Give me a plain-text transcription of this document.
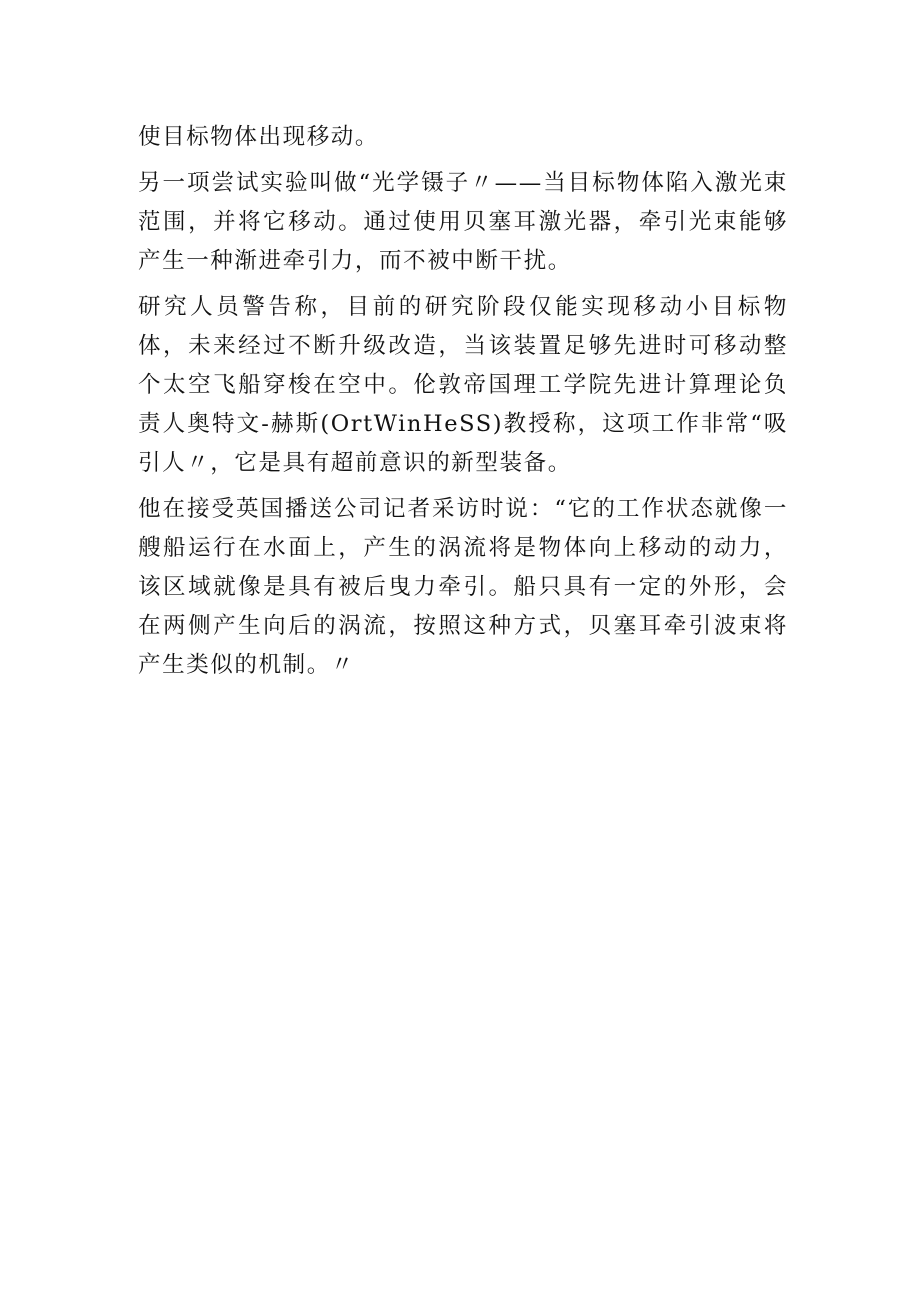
使目标物体出现移动。

另一项尝试实验叫做“光学镊子〃——当目标物体陷入激光束范围，并将它移动。通过使用贝塞耳激光器，牵引光束能够产生一种渐进牵引力，而不被中断干扰。

研究人员警告称，目前的研究阶段仅能实现移动小目标物体，未来经过不断升级改造，当该装置足够先进时可移动整个太空飞船穿梭在空中。伦敦帝国理工学院先进计算理论负责人奥特文-赫斯(OrtWinHeSS)教授称，这项工作非常“吸引人〃，它是具有超前意识的新型装备。

他在接受英国播送公司记者采访时说：“它的工作状态就像一艘船运行在水面上，产生的涡流将是物体向上移动的动力，该区域就像是具有被后曳力牵引。船只具有一定的外形，会在两侧产生向后的涡流，按照这种方式，贝塞耳牵引波束将产生类似的机制。〃
